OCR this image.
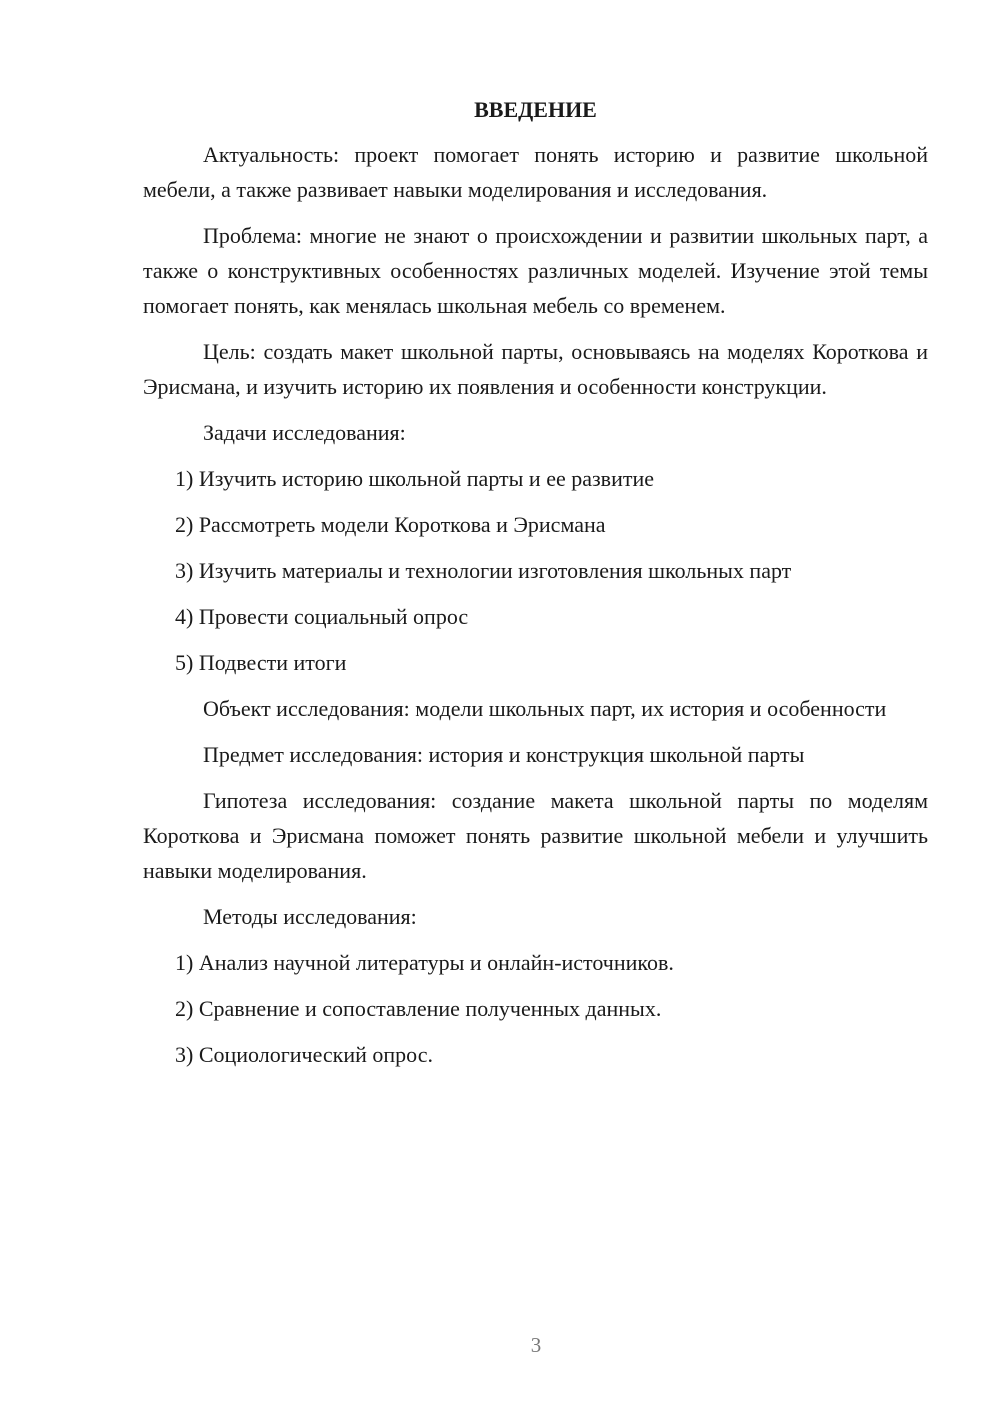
ВВЕДЕНИЕ

Актуальность: проект помогает понять историю и развитие школьной мебели, а также развивает навыки моделирования и исследования.

Проблема: многие не знают о происхождении и развитии школьных парт, а также о конструктивных особенностях различных моделей. Изучение этой темы помогает понять, как менялась школьная мебель со временем.

Цель: создать макет школьной парты, основываясь на моделях Короткова и Эрисмана, и изучить историю их появления и особенности конструкции.

Задачи исследования:

1) Изучить историю школьной парты и ее развитие

2) Рассмотреть модели Короткова и Эрисмана

3) Изучить материалы и технологии изготовления школьных парт

4) Провести социальный опрос

5) Подвести итоги

Объект исследования: модели школьных парт, их история и особенности

Предмет исследования: история и конструкция школьной парты

Гипотеза исследования: создание макета школьной парты по моделям Короткова и Эрисмана поможет понять развитие школьной мебели и улучшить навыки моделирования.

Методы исследования:

1) Анализ научной литературы и онлайн-источников.

2) Сравнение и сопоставление полученных данных.

3) Социологический опрос.

3
